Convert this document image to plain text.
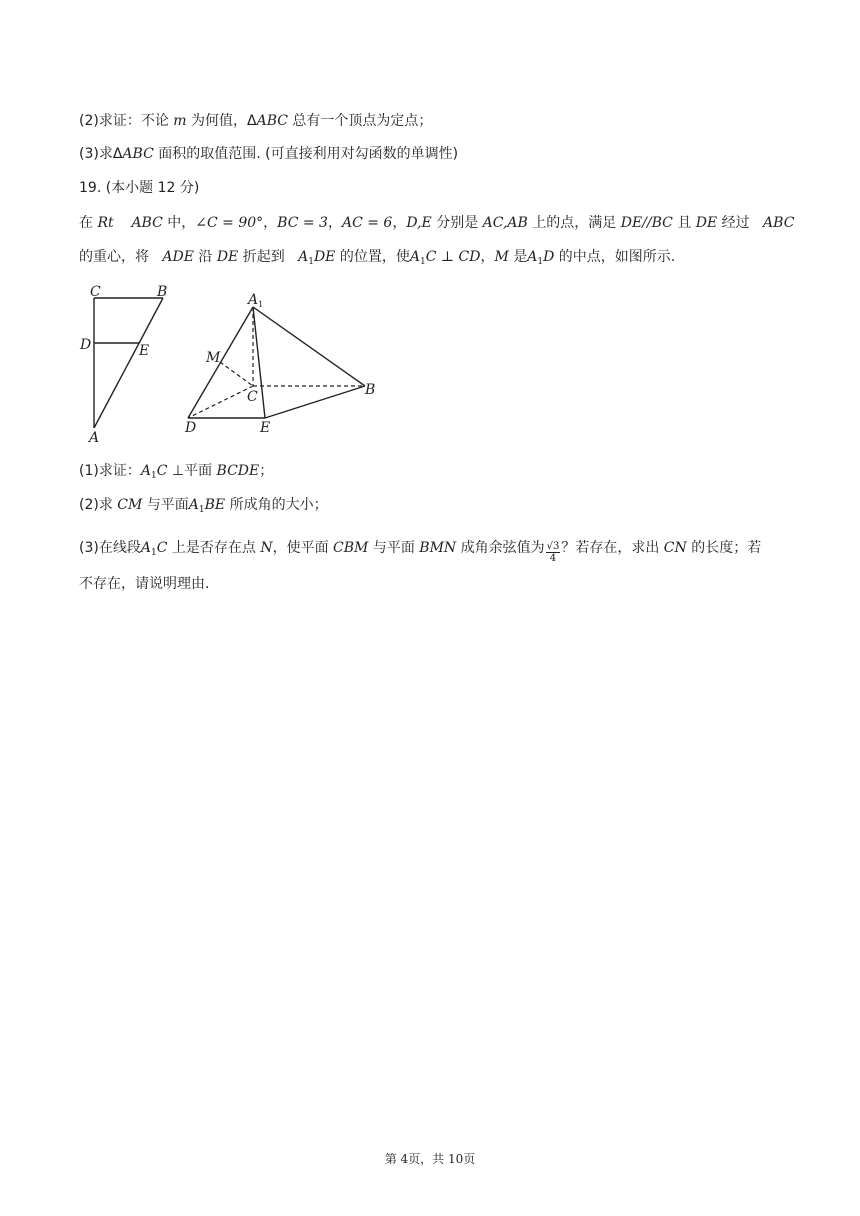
(2)求证：不论 m 为何值，ΔABC 总有一个顶点为定点；
(3)求ΔABC 面积的取值范围. (可直接利用对勾函数的单调性)
19. (本小题 12 分)
在 Rt ABC 中，∠C = 90°，BC = 3，AC = 6，D,E 分别是 AC,AB 上的点，满足 DE//BC 且 DE 经过   ABC
的重心，将   ADE 沿 DE 折起到   $A_1DE$ 的位置，使$A_1C$ ⊥ CD，M 是$A_1D$ 的中点，如图所示.
C	B
D	E
A
$A_1$
M
C	B
D	E
(1)求证：$A_1C$ ⊥平面 BCDE；
(2)求 CM 与平面$A_1BE$ 所成角的大小；
(3)在线段$A_1C$ 上是否存在点 N，使平面 CBM 与平面 BMN 成角余弦值为 $\frac{√3}{4}$ ？若存在，求出 CN 的长度；若
不存在，请说明理由.
第 4页，共 10页
